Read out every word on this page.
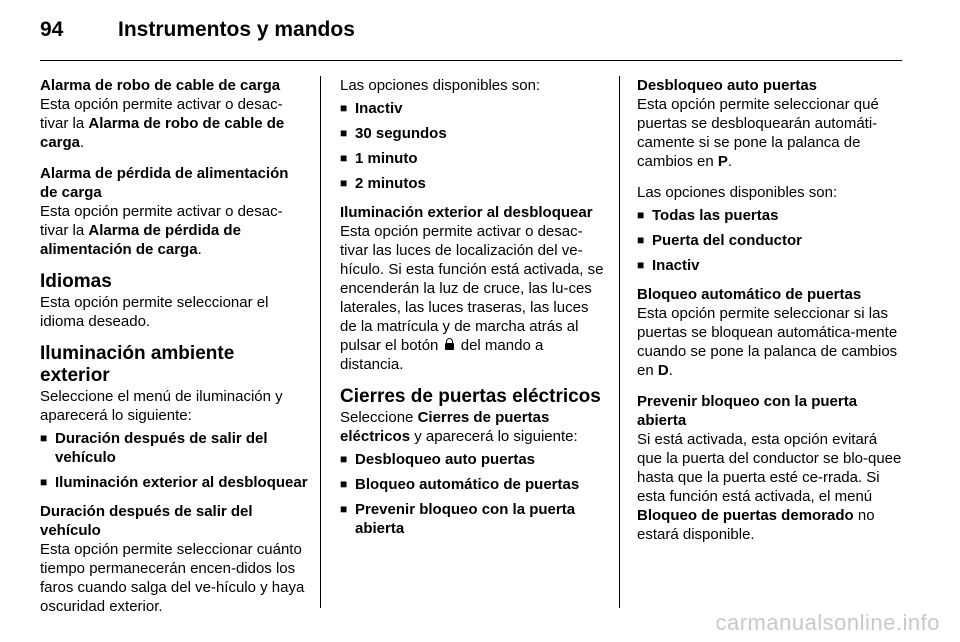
94	Instrumentos y mandos

Alarma de robo de cable de carga

Esta opción permite activar o desac‐tivar la Alarma de robo de cable de carga.

Alarma de pérdida de alimentación de carga

Esta opción permite activar o desac‐tivar la Alarma de pérdida de alimentación de carga.

Idiomas

Esta opción permite seleccionar el idioma deseado.

Iluminación ambiente exterior

Seleccione el menú de iluminación y aparecerá lo siguiente:

■ Duración después de salir del vehículo
■ Iluminación exterior al desbloquear

Duración después de salir del vehículo

Esta opción permite seleccionar cuánto tiempo permanecerán encen‐didos los faros cuando salga del ve‐hículo y haya oscuridad exterior.

Las opciones disponibles son:

■ Inactiv
■ 30 segundos
■ 1 minuto
■ 2 minutos

Iluminación exterior al desbloquear

Esta opción permite activar o desac‐tivar las luces de localización del ve‐hículo. Si esta función está activada, se encenderán la luz de cruce, las lu‐ces laterales, las luces traseras, las luces de la matrícula y de marcha atrás al pulsar el botón  del mando a distancia.

Cierres de puertas eléctricos

Seleccione Cierres de puertas eléctricos y aparecerá lo siguiente:

■ Desbloqueo auto puertas
■ Bloqueo automático de puertas
■ Prevenir bloqueo con la puerta abierta

Desbloqueo auto puertas

Esta opción permite seleccionar qué puertas se desbloquearán automáti‐camente si se pone la palanca de cambios en P.

Las opciones disponibles son:

■ Todas las puertas
■ Puerta del conductor
■ Inactiv

Bloqueo automático de puertas

Esta opción permite seleccionar si las puertas se bloquean automática‐mente cuando se pone la palanca de cambios en D.

Prevenir bloqueo con la puerta abierta

Si está activada, esta opción evitará que la puerta del conductor se blo‐quee hasta que la puerta esté ce‐rrada. Si esta función está activada, el menú Bloqueo de puertas demorado no estará disponible.

carmanualsonline.info
